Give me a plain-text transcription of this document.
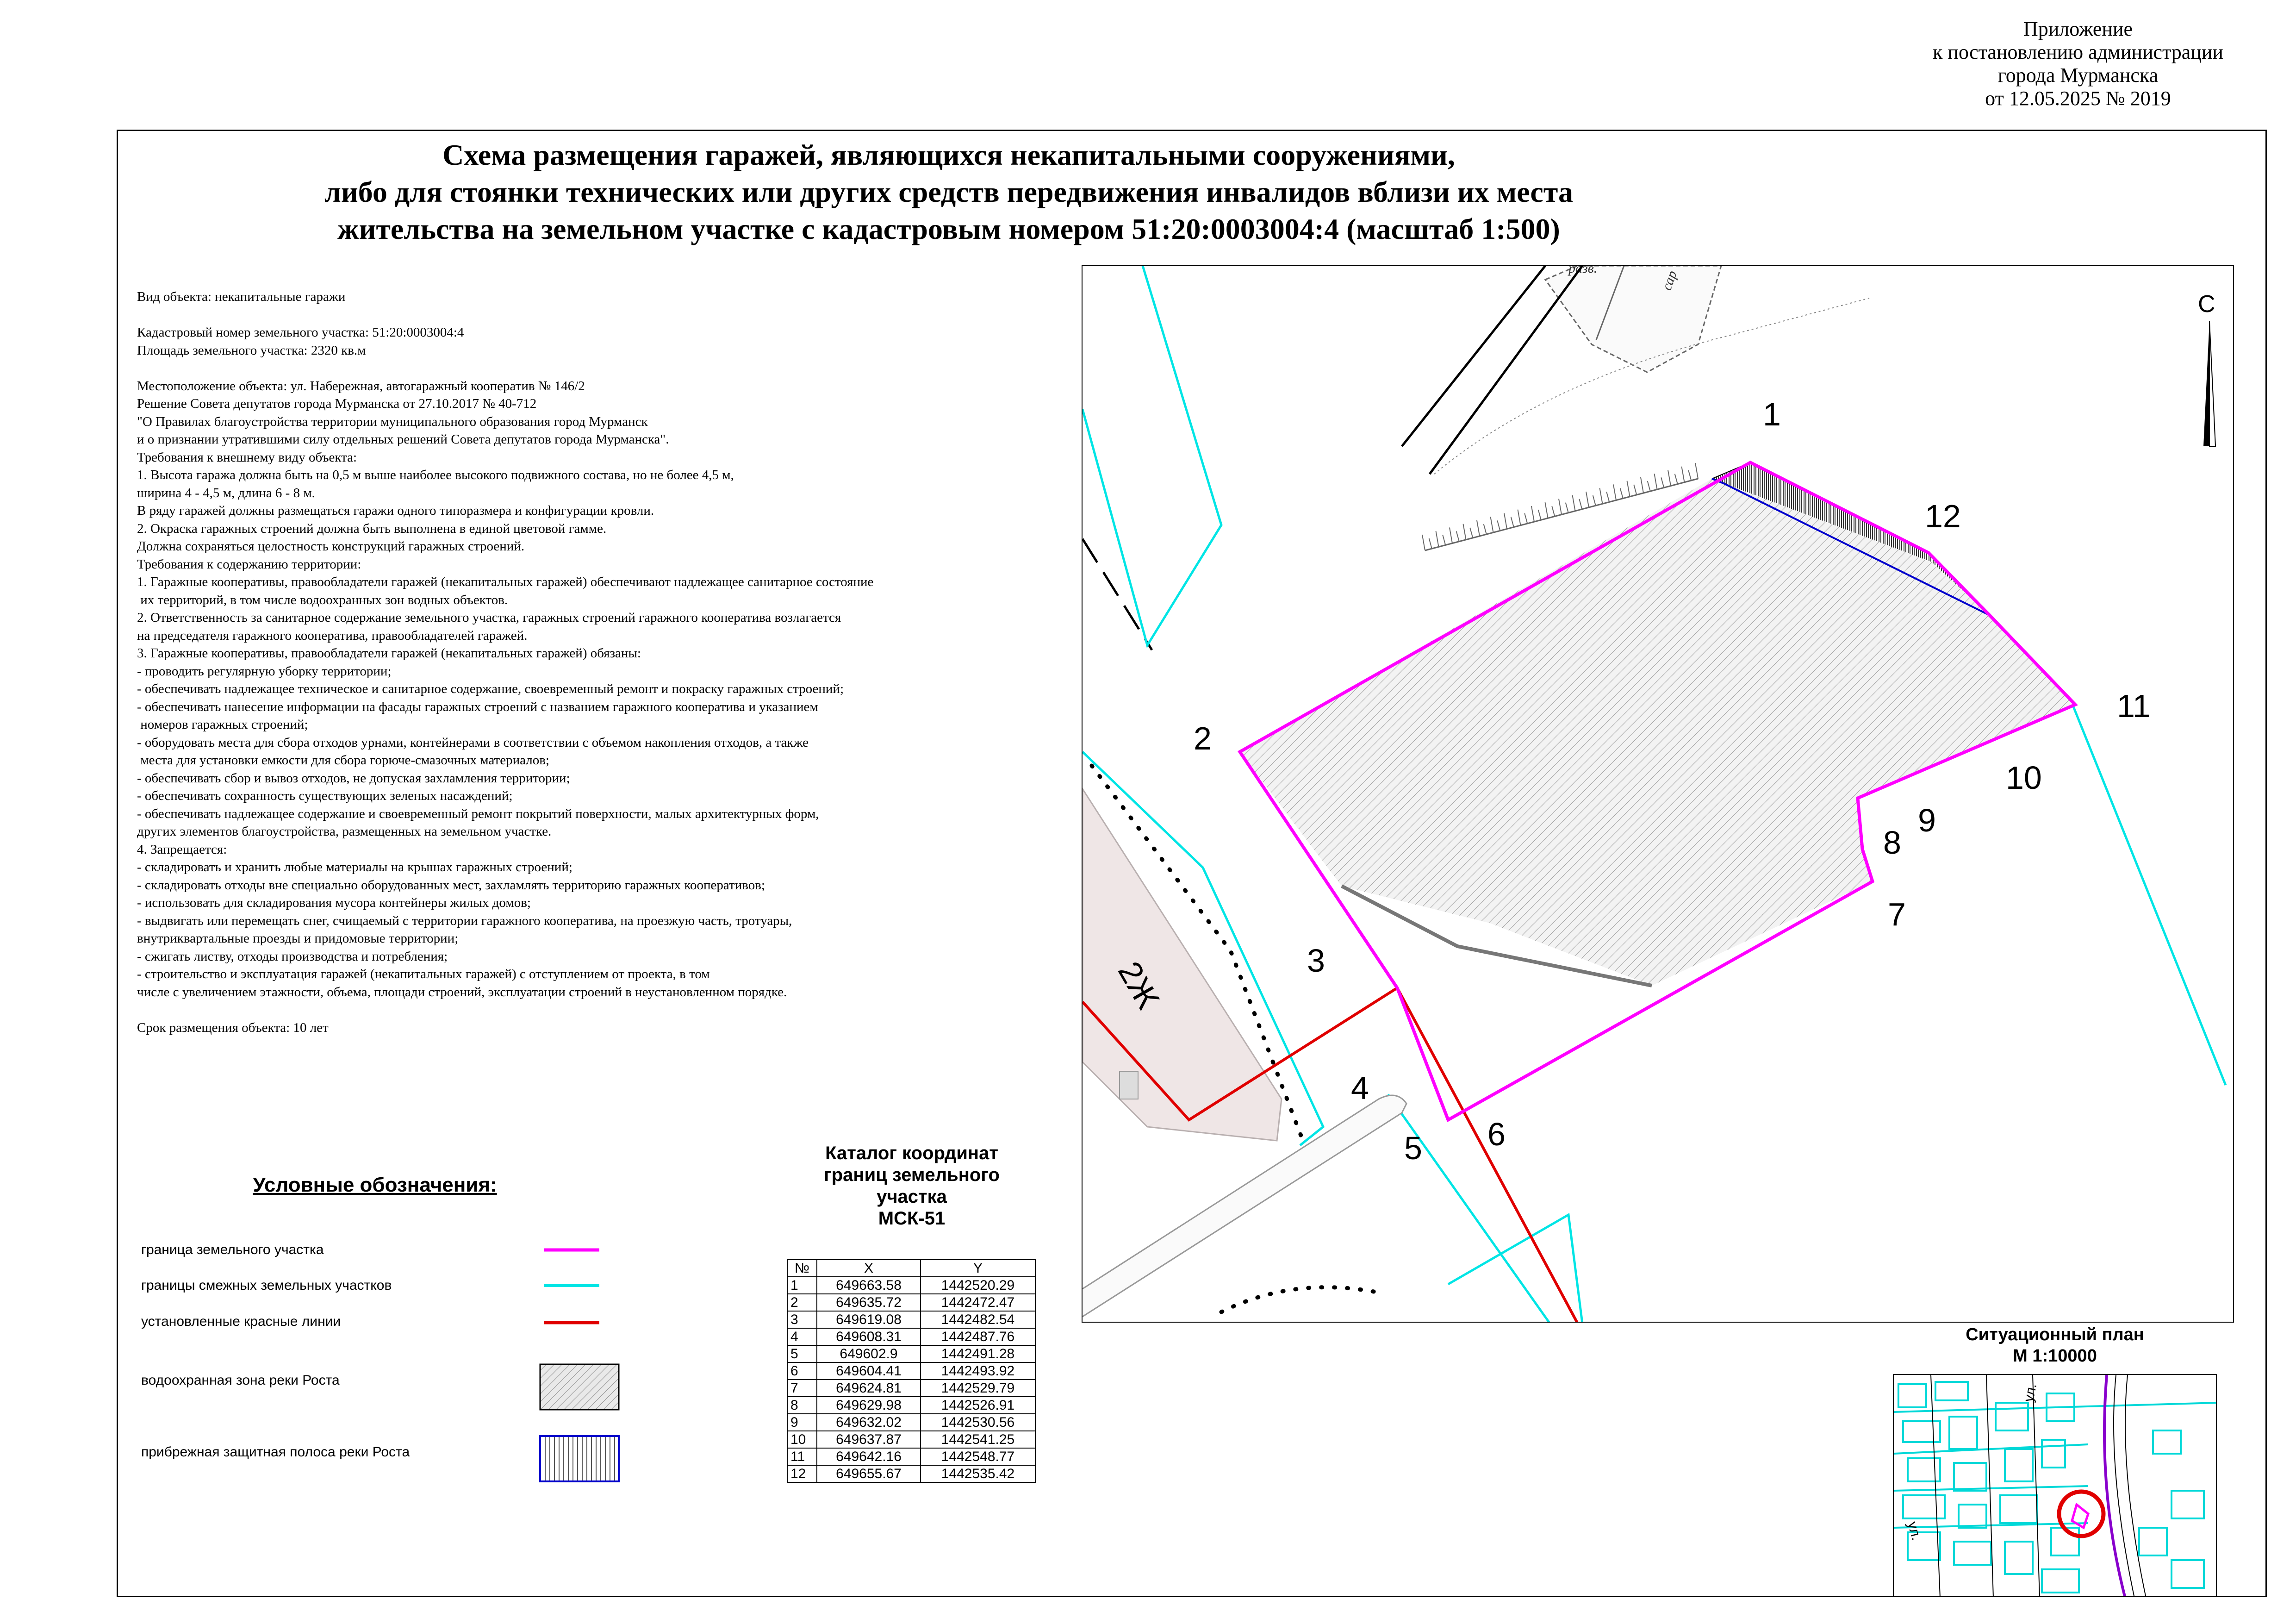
Приложение
к постановлению администрации
города Мурманска
от 12.05.2025 № 2019
Схема размещения гаражей, являющихся некапитальными сооружениями,
либо для стоянки технических или других средств передвижения инвалидов вблизи их места
жительства на земельном участке с кадастровым номером 51:20:0003004:4 (масштаб 1:500)
Вид объекта: некапитальные гаражи
Кадастровый номер земельного участка: 51:20:0003004:4
Площадь земельного участка: 2320 кв.м
Местоположение объекта: ул. Набережная, автогаражный кооператив № 146/2
Решение Совета депутатов города Мурманска от 27.10.2017 № 40-712
"О Правилах благоустройства территории муниципального образования город Мурманск
и о признании утратившими силу отдельных решений Совета депутатов города Мурманска".
Требования к внешнему виду объекта:
1. Высота гаража должна быть на 0,5 м выше наиболее высокого подвижного состава, но не более 4,5 м,
ширина 4 - 4,5 м, длина 6 - 8 м.
В ряду гаражей должны размещаться гаражи одного типоразмера и конфигурации кровли.
2. Окраска гаражных строений должна быть выполнена в единой цветовой гамме.
Должна сохраняться целостность конструкций гаражных строений.
Требования к содержанию территории:
1. Гаражные кооперативы, правообладатели гаражей (некапитальных гаражей) обеспечивают надлежащее санитарное состояние
их территорий, в том числе водоохранных зон водных объектов.
2. Ответственность за санитарное содержание земельного участка, гаражных строений гаражного кооператива возлагается
на председателя гаражного кооператива, правообладателей гаражей.
3. Гаражные кооперативы, правообладатели гаражей (некапитальных гаражей) обязаны:
- проводить регулярную уборку территории;
- обеспечивать надлежащее техническое и санитарное содержание, своевременный ремонт и покраску гаражных строений;
- обеспечивать нанесение информации на фасады гаражных строений с названием гаражного кооператива и указанием
номеров гаражных строений;
- оборудовать места для сбора отходов урнами, контейнерами в соответствии с объемом накопления отходов, а также
места для установки емкости для сбора горюче-смазочных материалов;
- обеспечивать сбор и вывоз отходов, не допуская захламления территории;
- обеспечивать сохранность существующих зеленых насаждений;
- обеспечивать надлежащее содержание и своевременный ремонт покрытий поверхности, малых архитектурных форм,
других элементов благоустройства, размещенных на земельном участке.
4. Запрещается:
- складировать и хранить любые материалы на крышах гаражных строений;
- складировать отходы вне специально оборудованных мест, захламлять территорию гаражных кооперативов;
- использовать для складирования мусора контейнеры жилых домов;
- выдвигать или перемещать снег, счищаемый с территории гаражного кооператива, на проезжую часть, тротуары,
внутриквартальные проезды и придомовые территории;
- сжигать листву, отходы производства и потребления;
- строительство и эксплуатация гаражей (некапитальных гаражей) с отступлением от проекта, в том
числе с увеличением этажности, объема, площади строений, эксплуатации строений в неустановленном порядке.
Срок размещения объекта: 10 лет
2Ж
разв.
сар
1
2
3
4
5 6
7
8
9
10
11
12
С
Условные обозначения:
граница земельного участка
границы смежных земельных участков
установленные красные линии
водоохранная зона реки Роста
прибрежная защитная полоса реки Роста
Каталог координат
границ земельного
участка
МСК-51
№	X	Y
1	649663.58	1442520.29
2	649635.72	1442472.47
3	649619.08	1442482.54
4	649608.31	1442487.76
5	649602.9	1442491.28
6	649604.41	1442493.92
7	649624.81	1442529.79
8	649629.98	1442526.91
9	649632.02	1442530.56
10	649637.87	1442541.25
11	649642.16	1442548.77
12	649655.67	1442535.42
Ситуационный план
М 1:10000
ул.
ул.
